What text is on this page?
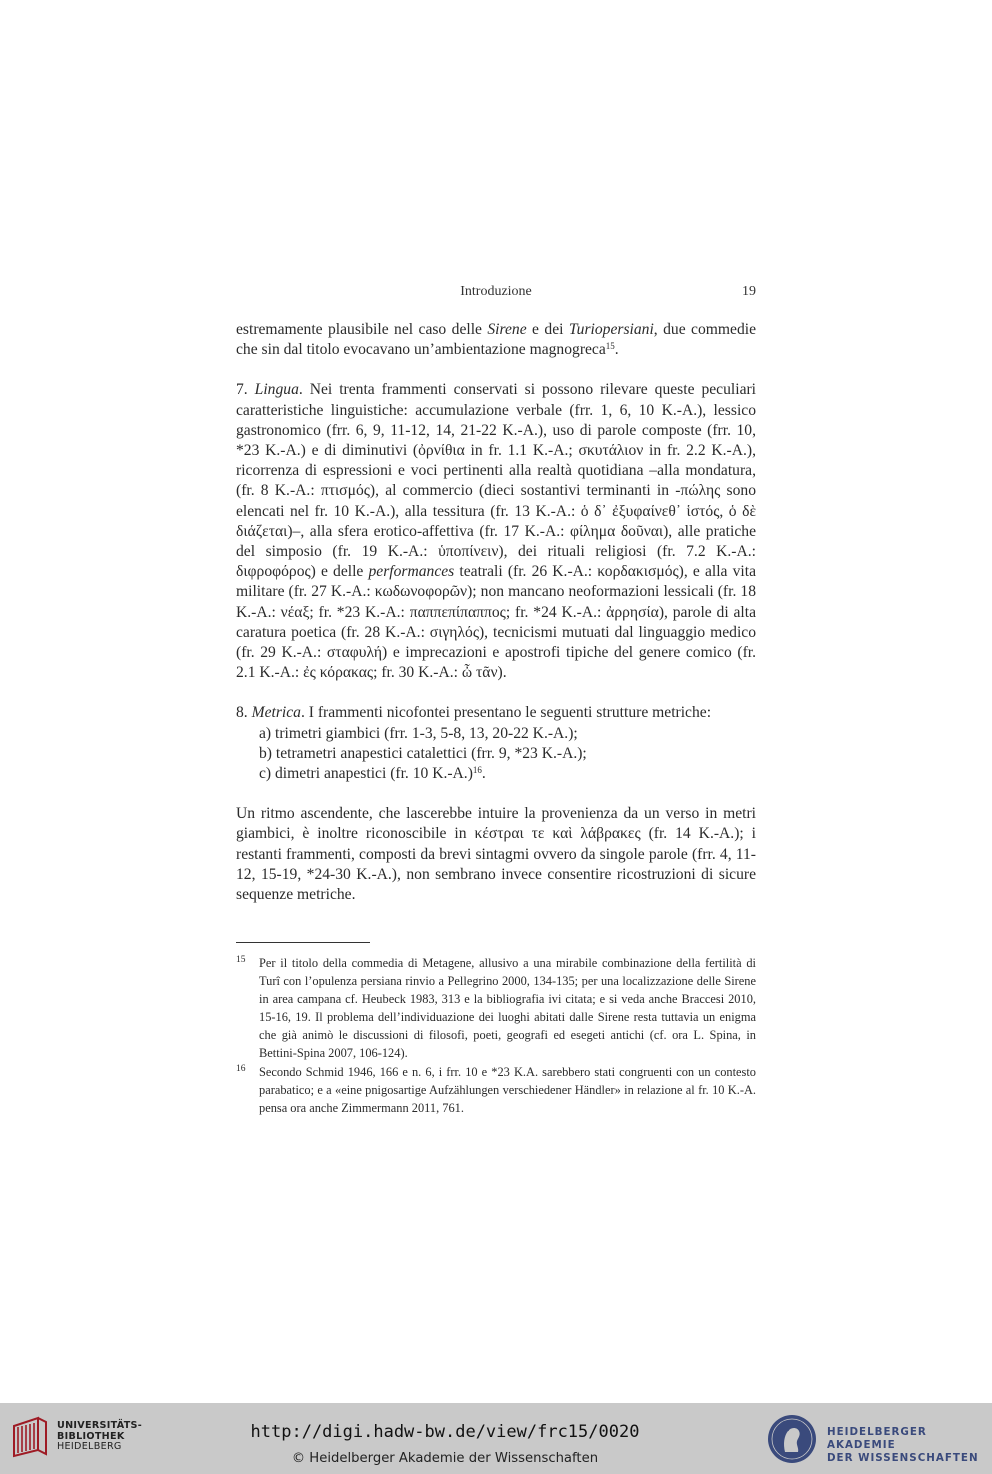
Introduzione	19

estremamente plausibile nel caso delle Sirene e dei Turiopersiani, due commedie che sin dal titolo evocavano un’ambientazione magnogreca$^{15}$.

7. Lingua. Nei trenta frammenti conservati si possono rilevare queste peculiari caratteristiche linguistiche: accumulazione verbale (frr. 1, 6, 10 K.-A.), lessico gastronomico (frr. 6, 9, 11-12, 14, 21-22 K.-A.), uso di parole composte (frr. 10, *23 K.-A.) e di diminutivi (ὀρνίθια in fr. 1.1 K.-A.; σκυτάλιον in fr. 2.2 K.-A.), ricorrenza di espressioni e voci pertinenti alla realtà quotidiana –alla mondatura, (fr. 8 K.-A.: πτισμός), al commercio (dieci sostantivi terminanti in -πώλης sono elencati nel fr. 10 K.-A.), alla tessitura (fr. 13 K.-A.: ὁ δ᾽ ἐξυφαίνεθ᾽ ἱστός, ὁ δὲ διάζεται)–, alla sfera erotico-affettiva (fr. 17 K.-A.: φίλημα δοῦναι), alle pratiche del simposio (fr. 19 K.-A.: ὑποπίνειν), dei rituali religiosi (fr. 7.2 K.-A.: διφροφόρος) e delle performances teatrali (fr. 26 K.-A.: κορδακισμός), e alla vita militare (fr. 27 K.-A.: κωδωνοφορῶν); non mancano neoformazioni lessicali (fr. 18 K.-A.: νέαξ; fr. *23 K.-A.: παππεπίπαππος; fr. *24 K.-A.: ἀρρησία), parole di alta caratura poetica (fr. 28 K.-A.: σιγηλός), tecnicismi mutuati dal linguaggio medico (fr. 29 K.-A.: σταφυλή) e imprecazioni e apostrofi tipiche del genere comico (fr. 2.1 K.-A.: ἐς κόρακας; fr. 30 K.-A.: ὦ τᾶν).

8. Metrica. I frammenti nicofontei presentano le seguenti strutture metriche:

a) trimetri giambici (frr. 1-3, 5-8, 13, 20-22 K.-A.);

b) tetrametri anapestici catalettici (frr. 9, *23 K.-A.);

c) dimetri anapestici (fr. 10 K.-A.)$^{16}$.

Un ritmo ascendente, che lascerebbe intuire la provenienza da un verso in metri giambici, è inoltre riconoscibile in κέστραι τε καὶ λάβρακες (fr. 14 K.-A.); i restanti frammenti, composti da brevi sintagmi ovvero da singole parole (frr. 4, 11-12, 15-19, *24-30 K.-A.), non sembrano invece consentire ricostruzioni di sicure sequenze metriche.

15 Per il titolo della commedia di Metagene, allusivo a una mirabile combinazione della fertilità di Turî con l’opulenza persiana rinvio a Pellegrino 2000, 134-135; per una localizzazione delle Sirene in area campana cf. Heubeck 1983, 313 e la bibliografia ivi citata; e si veda anche Braccesi 2010, 15-16, 19. Il problema dell’individuazione dei luoghi abitati dalle Sirene resta tuttavia un enigma che già animò le discussioni di filosofi, poeti, geografi ed esegeti antichi (cf. ora L. Spina, in Bettini-Spina 2007, 106-124).
16 Secondo Schmid 1946, 166 e n. 6, i frr. 10 e *23 K.A. sarebbero stati congruenti con un contesto parabatico; e a «eine pnigosartige Aufzählungen verschiedener Händler» in relazione al fr. 10 K.-A. pensa ora anche Zimmermann 2011, 761.
UNIVERSITÄTS-
BIBLIOTHEK
HEIDELBERG
http://digi.hadw-bw.de/view/frc15/0020
© Heidelberger Akademie der Wissenschaften
HEIDELBERGER AKADEMIE
DER WISSENSCHAFTEN
